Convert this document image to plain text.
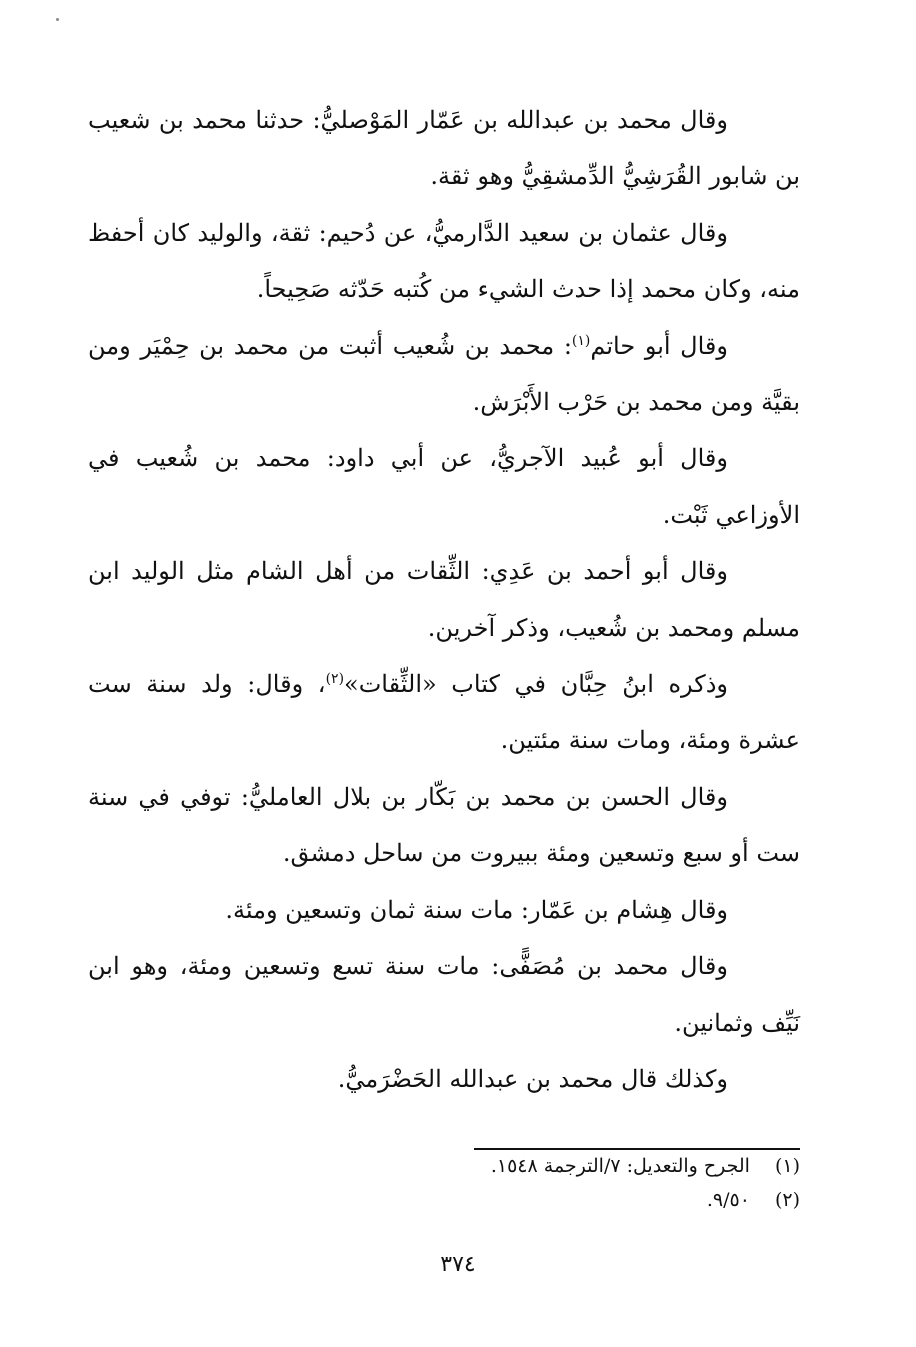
وقال محمد بن عبدالله بن عَمّار المَوْصليُّ: حدثنا محمد بن شعيب بن شابور القُرَشِيُّ الدِّمشقِيُّ وهو ثقة.

وقال عثمان بن سعيد الدَّارميُّ، عن دُحيم: ثقة، والوليد كان أحفظ منه، وكان محمد إذا حدث الشيء من كُتبه حَدّثه صَحِيحاً.

وقال أبو حاتم$^{(١)}$: محمد بن شُعيب أثبت من محمد بن حِمْيَر ومن بقيَّة ومن محمد بن حَرْب الأَبْرَش.

وقال أبو عُبيد الآجريُّ، عن أبي داود: محمد بن شُعيب في الأوزاعي ثَبْت.

وقال أبو أحمد بن عَدِي: الثِّقات من أهل الشام مثل الوليد ابن مسلم ومحمد بن شُعيب، وذكر آخرين.

وذكره ابنُ حِبَّان في كتاب «الثِّقات»$^{(٢)}$، وقال: ولد سنة ست عشرة ومئة، ومات سنة مئتين.

وقال الحسن بن محمد بن بَكّار بن بلال العامليُّ: توفي في سنة ست أو سبع وتسعين ومئة ببيروت من ساحل دمشق.

وقال هِشام بن عَمّار: مات سنة ثمان وتسعين ومئة.

وقال محمد بن مُصَفًّى: مات سنة تسع وتسعين ومئة، وهو ابن نَيِّف وثمانين.

وكذلك قال محمد بن عبدالله الحَضْرَميُّ.

(١) الجرح والتعديل: ٧/الترجمة ١٥٤٨.

(٢) ٩/٥٠.

٣٧٤
